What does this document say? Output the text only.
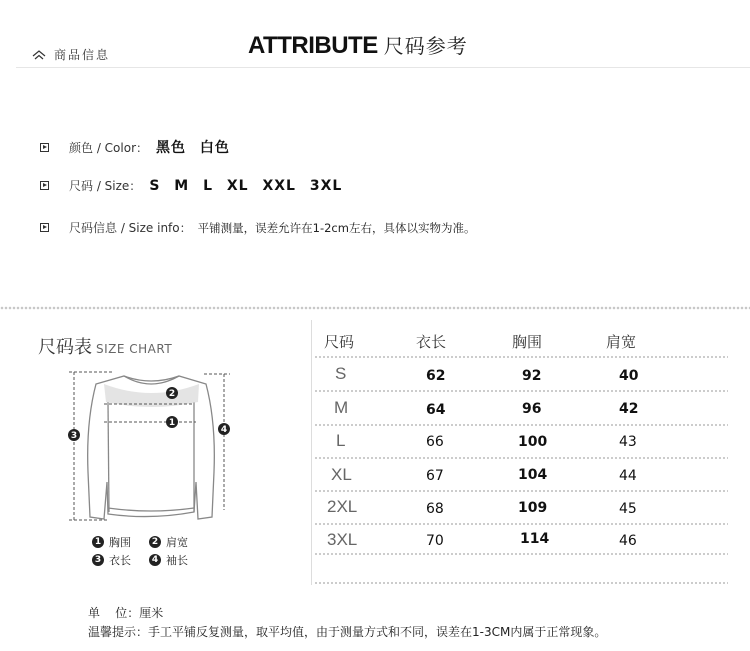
商品信息	ATTRIBUTE 尺码参考
颜色 / Color： 黑色 白色
尺码 / Size： S M L XL XXL 3XL
尺码信息 / Size info： 平铺测量，误差允许在1-2cm左右，具体以实物为准。
尺码表 SIZE CHART
2
1
3
4
1 胸围	2 肩宽
3 衣长	4 袖长
尺码	衣长	胸围	肩宽
S	62	92	40
M	64	96	42
L	66	100	43
XL	67	104	44
2XL	68	109	45
3XL	70	114	46
单    位：厘米
温馨提示：手工平铺反复测量，取平均值，由于测量方式和不同，误差在1-3CM内属于正常现象。
